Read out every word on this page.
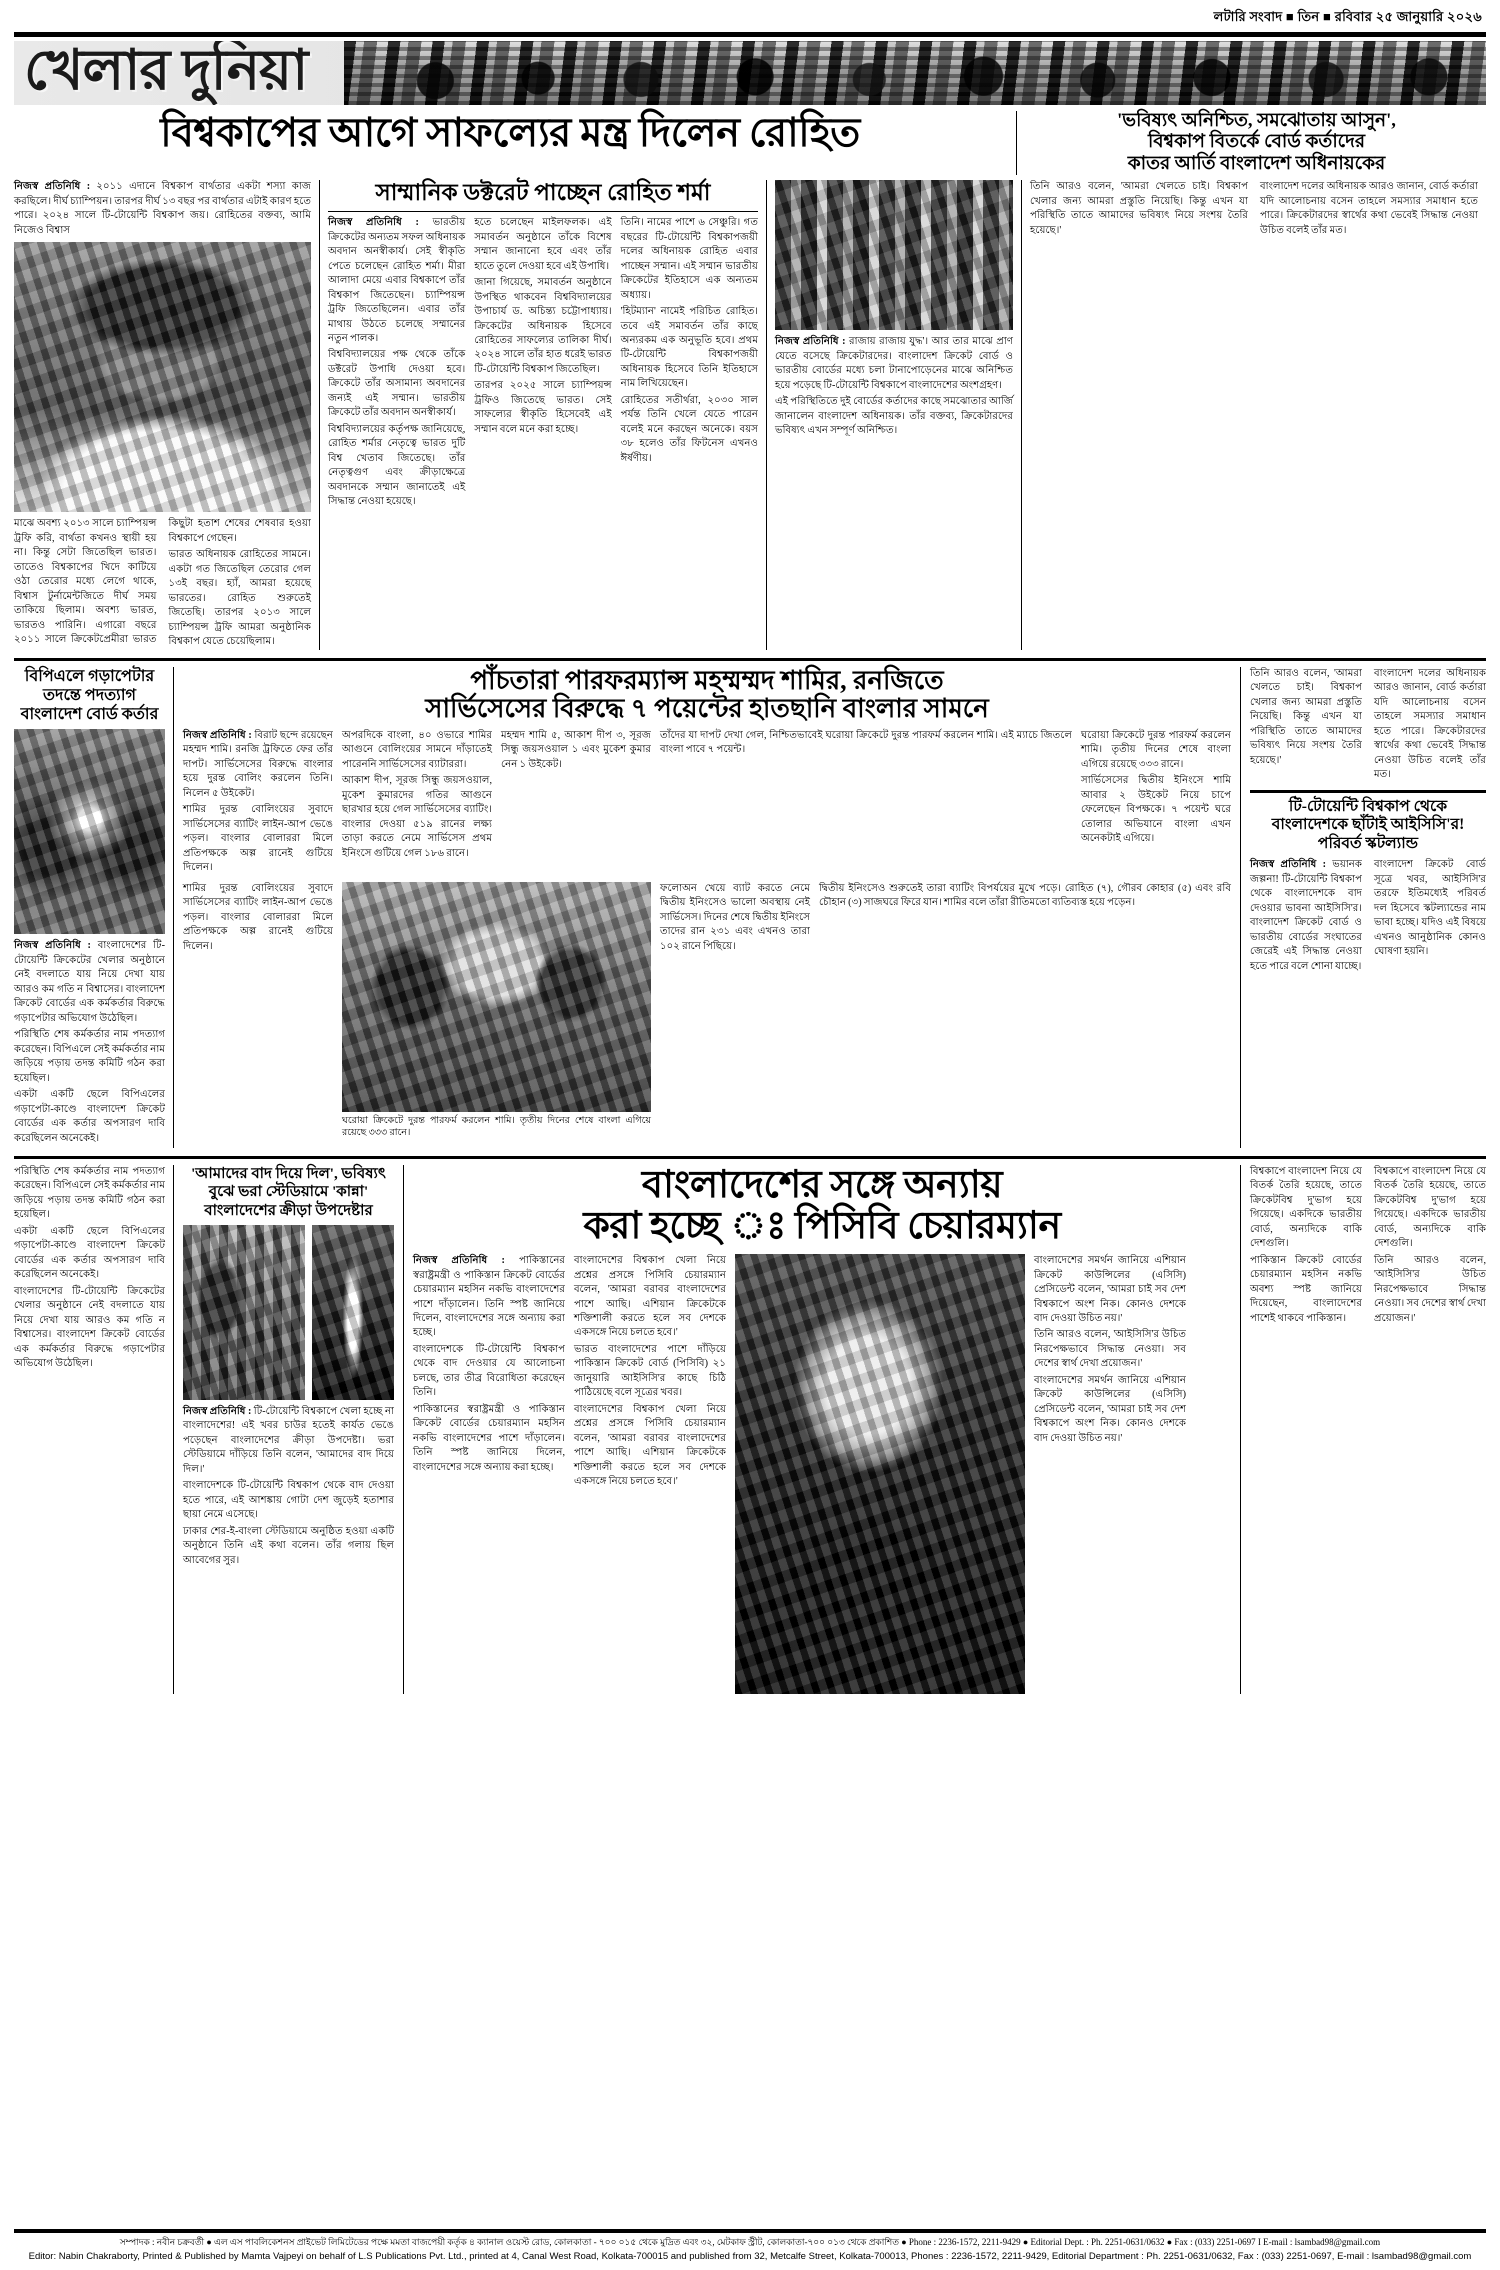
লটারি সংবাদ ■ তিন ■ রবিবার ২৫ জানুয়ারি ২০২৬
খেলার দুনিয়া
বিশ্বকাপের আগে সাফল্যের মন্ত্র দিলেন রোহিত	'ভবিষ্যৎ অনিশ্চিত, সমঝোতায় আসুন',
বিশ্বকাপ বিতর্কে বোর্ড কর্তাদের
কাতর আর্তি বাংলাদেশ অধিনায়কের
নিজস্ব প্রতিনিধি : ২০১১ এদানে বিশ্বকাপ বার্থতার একটা শস্যা কাজ করছিলে। দীর্ঘ চ্যাম্পিয়ন। তারপর দীর্ঘ ১৩ বছর পর বার্থতার এটাই কারণ হতে পারে। ২০২৪ সালে টি-টোয়েন্টি বিশ্বকাপ জয়। রোহিতের বক্তব্য, আমি নিজেও বিশ্বাস

মাঝে অবশ্য ২০১৩ সালে চ্যাম্পিয়ন্স ট্রফি করি, বার্থতা কখনও স্থায়ী হয় না। কিন্তু সেটা জিতেছিল ভারত। তাতেও বিশ্বকাপের খিদে কাটিয়ে ওঠা তেরোর মধ্যে লেগে থাকে, বিশ্বাস টুর্নামেন্টজিতে দীর্ঘ সময় তাকিয়ে ছিলাম। অবশ্য ভারত, ভারতও পারিনি। এগারো বছরে ২০১১ সালে ক্রিকেটপ্রেমীরা ভারত কিছুটা হতাশ শেষের শেষবার হওয়া বিশ্বকাপে গেছেন।

ভারত অধিনায়ক রোহিতের সামনে। একটা গত জিতেছিল তেরোর গেল ১৩ই বছর। হ্যাঁ, আমরা হয়েছে ভারতের। রোহিত শুরুতেই জিতেছি। তারপর ২০১৩ সালে চ্যাম্পিয়ন্স ট্রফি আমরা অনুষ্ঠানিক বিশ্বকাপ যেতে চেয়েছিলাম।

সাম্মানিক ডক্টরেট পাচ্ছেন রোহিত শর্মা

নিজস্ব প্রতিনিধি : ভারতীয় ক্রিকেটের অন্যতম সফল অধিনায়ক অবদান অনস্বীকার্য। সেই স্বীকৃতি পেতে চলেছেন রোহিত শর্মা। মীরা আলাদা মেয়ে এবার বিশ্বকাপে তাঁর বিশ্বকাপ জিতেছেন। চ্যাম্পিয়ন্স ট্রফি জিতেছিলেন। এবার তাঁর মাথায় উঠতে চলেছে সম্মানের নতুন পালক।

বিশ্ববিদ্যালয়ের পক্ষ থেকে তাঁকে ডক্টরেট উপাধি দেওয়া হবে। ক্রিকেটে তাঁর অসামান্য অবদানের জন্যই এই সম্মান। ভারতীয় ক্রিকেটে তাঁর অবদান অনস্বীকার্য।

বিশ্ববিদ্যালয়ের কর্তৃপক্ষ জানিয়েছে, রোহিত শর্মার নেতৃত্বে ভারত দুটি বিশ্ব খেতাব জিতেছে। তাঁর নেতৃত্বগুণ এবং ক্রীড়াক্ষেত্রে অবদানকে সম্মান জানাতেই এই সিদ্ধান্ত নেওয়া হয়েছে।

হতে চলেছেন মাইলফলক। এই সমাবর্তন অনুষ্ঠানে তাঁকে বিশেষ সম্মান জানানো হবে এবং তাঁর হাতে তুলে দেওয়া হবে এই উপাধি।

জানা গিয়েছে, সমাবর্তন অনুষ্ঠানে উপস্থিত থাকবেন বিশ্ববিদ্যালয়ের উপাচার্য ড. অচিন্ত্য চট্টোপাধ্যায়। ক্রিকেটের অধিনায়ক হিসেবে রোহিতের সাফল্যের তালিকা দীর্ঘ। ২০২৪ সালে তাঁর হাত ধরেই ভারত টি-টোয়েন্টি বিশ্বকাপ জিতেছিল।

তারপর ২০২৫ সালে চ্যাম্পিয়ন্স ট্রফিও জিতেছে ভারত। সেই সাফল্যের স্বীকৃতি হিসেবেই এই সম্মান বলে মনে করা হচ্ছে।

তিনি। নামের পাশে ৬ সেঞ্চুরি। গত বছরের টি-টোয়েন্টি বিশ্বকাপজয়ী দলের অধিনায়ক রোহিত এবার পাচ্ছেন সম্মান। এই সম্মান ভারতীয় ক্রিকেটের ইতিহাসে এক অন্যতম অধ্যায়।

'হিটম্যান' নামেই পরিচিত রোহিত। তবে এই সমাবর্তন তাঁর কাছে অন্যরকম এক অনুভূতি হবে। প্রথম টি-টোয়েন্টি বিশ্বকাপজয়ী অধিনায়ক হিসেবে তিনি ইতিহাসে নাম লিখিয়েছেন।

রোহিতের সতীর্থরা, ২০৩০ সাল পর্যন্ত তিনি খেলে যেতে পারেন বলেই মনে করছেন অনেকে। বয়স ৩৮ হলেও তাঁর ফিটনেস এখনও ঈর্ষণীয়।

নিজস্ব প্রতিনিধি : রাজায় রাজায় যুদ্ধ'। আর তার মাঝে প্রাণ যেতে বসেছে ক্রিকেটারদের। বাংলাদেশ ক্রিকেট বোর্ড ও ভারতীয় বোর্ডের মধ্যে চলা টানাপোড়েনের মাঝে অনিশ্চিত হয়ে পড়েছে টি-টোয়েন্টি বিশ্বকাপে বাংলাদেশের অংশগ্রহণ।

এই পরিস্থিতিতে দুই বোর্ডের কর্তাদের কাছে সমঝোতার আর্জি জানালেন বাংলাদেশ অধিনায়ক। তাঁর বক্তব্য, ক্রিকেটারদের ভবিষ্যৎ এখন সম্পূর্ণ অনিশ্চিত।

তিনি আরও বলেন, 'আমরা খেলতে চাই। বিশ্বকাপ খেলার জন্য আমরা প্রস্তুতি নিয়েছি। কিন্তু এখন যা পরিস্থিতি তাতে আমাদের ভবিষ্যৎ নিয়ে সংশয় তৈরি হয়েছে।'

বাংলাদেশ দলের অধিনায়ক আরও জানান, বোর্ড কর্তারা যদি আলোচনায় বসেন তাহলে সমস্যার সমাধান হতে পারে। ক্রিকেটারদের স্বার্থের কথা ভেবেই সিদ্ধান্ত নেওয়া উচিত বলেই তাঁর মত।

বিপিএলে গড়াপেটার তদন্তে পদত্যাগ বাংলাদেশ বোর্ড কর্তার

নিজস্ব প্রতিনিধি : বাংলাদেশের টি-টোয়েন্টি ক্রিকেটের খেলার অনুষ্ঠানে নেই বদলাতে যায় নিয়ে দেখা যায় আরও কম গতি ন বিশ্বাসের। বাংলাদেশ ক্রিকেট বোর্ডের এক কর্মকর্তার বিরুদ্ধে গড়াপেটার অভিযোগ উঠেছিল।

পরিস্থিতি শেষ কর্মকর্তার নাম পদত্যাগ করেছেন। বিপিএলে সেই কর্মকর্তার নাম জড়িয়ে পড়ায় তদন্ত কমিটি গঠন করা হয়েছিল।

একটা একটি ছেলে বিপিএলের গড়াপেটা-কাণ্ডে বাংলাদেশ ক্রিকেট বোর্ডের এক কর্তার অপসারণ দাবি করেছিলেন অনেকেই।

পাঁচতারা পারফরম্যান্স মহম্মম্মদ শামির, রনজিতে
সার্ভিসেসের বিরুদ্ধে ৭ পয়েন্টের হাতছানি বাংলার সামনে

নিজস্ব প্রতিনিধি : বিরাট ছন্দে রয়েছেন মহম্মদ শামি। রনজি ট্রফিতে ফের তাঁর দাপট। সার্ভিসেসের বিরুদ্ধে বাংলার হয়ে দুরন্ত বোলিং করলেন তিনি। নিলেন ৫ উইকেট।

শামির দুরন্ত বোলিংয়ের সুবাদে সার্ভিসেসের ব্যাটিং লাইন-আপ ভেঙে পড়ল। বাংলার বোলাররা মিলে প্রতিপক্ষকে অল্প রানেই গুটিয়ে দিলেন।

অপরদিকে বাংলা, ৪০ ওভারে শামির আগুনে বোলিংয়ের সামনে দাঁড়াতেই পারেননি সার্ভিসেসের ব্যাটাররা।

আকাশ দীপ, সূরজ সিন্ধু জয়সওয়াল, মুকেশ কুমারদের গতির আগুনে ছারখার হয়ে গেল সার্ভিসেসের ব্যাটিং। বাংলার দেওয়া ৫১৯ রানের লক্ষ্য তাড়া করতে নেমে সার্ভিসেস প্রথম ইনিংসে গুটিয়ে গেল ১৮৬ রানে।

মহম্মদ শামি ৫, আকাশ দীপ ৩, সূরজ সিন্ধু জয়সওয়াল ১ এবং মুকেশ কুমার নেন ১ উইকেট।

তাঁদের যা দাপট দেখা গেল, নিশ্চিতভাবেই ঘরোয়া ক্রিকেটে দুরন্ত পারফর্ম করলেন শামি। এই ম্যাচে জিতলে বাংলা পাবে ৭ পয়েন্ট।

ঘরোয়া ক্রিকেটে দুরন্ত পারফর্ম করলেন শামি। তৃতীয় দিনের শেষে বাংলা এগিয়ে রয়েছে ৩৩৩ রানে।

সার্ভিসেসের দ্বিতীয় ইনিংসে শামি আবার ২ উইকেট নিয়ে চাপে ফেলেছেন বিপক্ষকে। ৭ পয়েন্ট ঘরে তোলার অভিযানে বাংলা এখন অনেকটাই এগিয়ে।

শামির দুরন্ত বোলিংয়ের সুবাদে সার্ভিসেসের ব্যাটিং লাইন-আপ ভেঙে পড়ল। বাংলার বোলাররা মিলে প্রতিপক্ষকে অল্প রানেই গুটিয়ে দিলেন।

ঘরোয়া ক্রিকেটে দুরন্ত পারফর্ম করলেন শামি। তৃতীয় দিনের শেষে বাংলা এগিয়ে রয়েছে ৩৩৩ রানে।

ফলোঅন খেয়ে ব্যাট করতে নেমে দ্বিতীয় ইনিংসেও ভালো অবস্থায় নেই সার্ভিসেস। দিনের শেষে দ্বিতীয় ইনিংসে তাদের রান ২৩১ এবং এখনও তারা ১০২ রানে পিছিয়ে।

দ্বিতীয় ইনিংসেও শুরুতেই তারা ব্যাটিং বিপর্যয়ের মুখে পড়ে। রোহিত (৭), গৌরব কোহার (৫) এবং রবি চৌহান (৩) সাজঘরে ফিরে যান। শামির বলে তাঁরা রীতিমতো ব্যতিব্যস্ত হয়ে পড়েন।

তিনি আরও বলেন, 'আমরা খেলতে চাই। বিশ্বকাপ খেলার জন্য আমরা প্রস্তুতি নিয়েছি। কিন্তু এখন যা পরিস্থিতি তাতে আমাদের ভবিষ্যৎ নিয়ে সংশয় তৈরি হয়েছে।'

বাংলাদেশ দলের অধিনায়ক আরও জানান, বোর্ড কর্তারা যদি আলোচনায় বসেন তাহলে সমস্যার সমাধান হতে পারে। ক্রিকেটারদের স্বার্থের কথা ভেবেই সিদ্ধান্ত নেওয়া উচিত বলেই তাঁর মত।

টি-টোয়েন্টি বিশ্বকাপ থেকে বাংলাদেশকে ছাঁটাই আইসিসি'র! পরিবর্ত স্কটল্যান্ড

নিজস্ব প্রতিনিধি : ভয়ানক জল্পনা! টি-টোয়েন্টি বিশ্বকাপ থেকে বাংলাদেশকে বাদ দেওয়ার ভাবনা আইসিসি'র। বাংলাদেশ ক্রিকেট বোর্ড ও ভারতীয় বোর্ডের সংঘাতের জেরেই এই সিদ্ধান্ত নেওয়া হতে পারে বলে শোনা যাচ্ছে।

বাংলাদেশ ক্রিকেট বোর্ড সূত্রে খবর, আইসিসি'র তরফে ইতিমধ্যেই পরিবর্ত দল হিসেবে স্কটল্যান্ডের নাম ভাবা হচ্ছে। যদিও এই বিষয়ে এখনও আনুষ্ঠানিক কোনও ঘোষণা হয়নি।

পরিস্থিতি শেষ কর্মকর্তার নাম পদত্যাগ করেছেন। বিপিএলে সেই কর্মকর্তার নাম জড়িয়ে পড়ায় তদন্ত কমিটি গঠন করা হয়েছিল।

একটা একটি ছেলে বিপিএলের গড়াপেটা-কাণ্ডে বাংলাদেশ ক্রিকেট বোর্ডের এক কর্তার অপসারণ দাবি করেছিলেন অনেকেই।

বাংলাদেশের টি-টোয়েন্টি ক্রিকেটের খেলার অনুষ্ঠানে নেই বদলাতে যায় নিয়ে দেখা যায় আরও কম গতি ন বিশ্বাসের। বাংলাদেশ ক্রিকেট বোর্ডের এক কর্মকর্তার বিরুদ্ধে গড়াপেটার অভিযোগ উঠেছিল।

'আমাদের বাদ দিয়ে দিল', ভবিষ্যৎ
বুঝে ভরা স্টেডিয়ামে 'কান্না'
বাংলাদেশের ক্রীড়া উপদেষ্টার

নিজস্ব প্রতিনিধি : টি-টোয়েন্টি বিশ্বকাপে খেলা হচ্ছে না বাংলাদেশের! এই খবর চাউর হতেই কার্যত ভেঙে পড়েছেন বাংলাদেশের ক্রীড়া উপদেষ্টা। ভরা স্টেডিয়ামে দাঁড়িয়ে তিনি বলেন, 'আমাদের বাদ দিয়ে দিল।'

বাংলাদেশকে টি-টোয়েন্টি বিশ্বকাপ থেকে বাদ দেওয়া হতে পারে, এই আশঙ্কায় গোটা দেশ জুড়েই হতাশার ছায়া নেমে এসেছে।

ঢাকার শের-ই-বাংলা স্টেডিয়ামে অনুষ্ঠিত হওয়া একটি অনুষ্ঠানে তিনি এই কথা বলেন। তাঁর গলায় ছিল আবেগের সুর।

বাংলাদেশের সঙ্গে অন্যায়
করা হচ্ছে ঃ পিসিবি চেয়ারম্যান

নিজস্ব প্রতিনিধি : পাকিস্তানের স্বরাষ্ট্রমন্ত্রী ও পাকিস্তান ক্রিকেট বোর্ডের চেয়ারম্যান মহসিন নকভি বাংলাদেশের পাশে দাঁড়ালেন। তিনি স্পষ্ট জানিয়ে দিলেন, বাংলাদেশের সঙ্গে অন্যায় করা হচ্ছে।

বাংলাদেশকে টি-টোয়েন্টি বিশ্বকাপ থেকে বাদ দেওয়ার যে আলোচনা চলছে, তার তীব্র বিরোধিতা করেছেন তিনি।

পাকিস্তানের স্বরাষ্ট্রমন্ত্রী ও পাকিস্তান ক্রিকেট বোর্ডের চেয়ারম্যান মহসিন নকভি বাংলাদেশের পাশে দাঁড়ালেন। তিনি স্পষ্ট জানিয়ে দিলেন, বাংলাদেশের সঙ্গে অন্যায় করা হচ্ছে।

বাংলাদেশের বিশ্বকাপ খেলা নিয়ে প্রশ্নের প্রসঙ্গে পিসিবি চেয়ারম্যান বলেন, 'আমরা বরাবর বাংলাদেশের পাশে আছি। এশিয়ান ক্রিকেটকে শক্তিশালী করতে হলে সব দেশকে একসঙ্গে নিয়ে চলতে হবে।'

ভারত বাংলাদেশের পাশে দাঁড়িয়ে পাকিস্তান ক্রিকেট বোর্ড (পিসিবি) ২১ জানুয়ারি আইসিসি'র কাছে চিঠি পাঠিয়েছে বলে সূত্রের খবর।

বাংলাদেশের বিশ্বকাপ খেলা নিয়ে প্রশ্নের প্রসঙ্গে পিসিবি চেয়ারম্যান বলেন, 'আমরা বরাবর বাংলাদেশের পাশে আছি। এশিয়ান ক্রিকেটকে শক্তিশালী করতে হলে সব দেশকে একসঙ্গে নিয়ে চলতে হবে।'

বাংলাদেশের সমর্থন জানিয়ে এশিয়ান ক্রিকেট কাউন্সিলের (এসিসি) প্রেসিডেন্ট বলেন, 'আমরা চাই সব দেশ বিশ্বকাপে অংশ নিক। কোনও দেশকে বাদ দেওয়া উচিত নয়।'

তিনি আরও বলেন, 'আইসিসি'র উচিত নিরপেক্ষভাবে সিদ্ধান্ত নেওয়া। সব দেশের স্বার্থ দেখা প্রয়োজন।'

বাংলাদেশের সমর্থন জানিয়ে এশিয়ান ক্রিকেট কাউন্সিলের (এসিসি) প্রেসিডেন্ট বলেন, 'আমরা চাই সব দেশ বিশ্বকাপে অংশ নিক। কোনও দেশকে বাদ দেওয়া উচিত নয়।'

বিশ্বকাপে বাংলাদেশ নিয়ে যে বিতর্ক তৈরি হয়েছে, তাতে ক্রিকেটবিশ্ব দু'ভাগ হয়ে গিয়েছে। একদিকে ভারতীয় বোর্ড, অন্যদিকে বাকি দেশগুলি।

পাকিস্তান ক্রিকেট বোর্ডের চেয়ারম্যান মহসিন নকভি অবশ্য স্পষ্ট জানিয়ে দিয়েছেন, বাংলাদেশের পাশেই থাকবে পাকিস্তান।

বিশ্বকাপে বাংলাদেশ নিয়ে যে বিতর্ক তৈরি হয়েছে, তাতে ক্রিকেটবিশ্ব দু'ভাগ হয়ে গিয়েছে। একদিকে ভারতীয় বোর্ড, অন্যদিকে বাকি দেশগুলি।

তিনি আরও বলেন, 'আইসিসি'র উচিত নিরপেক্ষভাবে সিদ্ধান্ত নেওয়া। সব দেশের স্বার্থ দেখা প্রয়োজন।'

সম্পাদক : নবীন চক্রবর্তী ● এল এস পাবলিকেশনস প্রাইভেট লিমিটেডের পক্ষে মমতা বাজপেয়ী কর্তৃক ৪ ক্যানাল ওয়েস্ট রোড, কোলকাতা - ৭০০ ০১৫ থেকে মুদ্রিত এবং ৩২, মেটকাফ স্ট্রীট, কোলকাতা-৭০০ ০১৩ থেকে প্রকাশিত ● Phone : 2236-1572, 2211-9429 ● Editorial Dept. : Ph. 2251-0631/0632 ● Fax : (033) 2251-0697 I E-mail : lsambad98@gmail.com
Editor: Nabin Chakraborty, Printed & Published by Mamta Vajpeyi on behalf of L.S Publications Pvt. Ltd., printed at 4, Canal West Road, Kolkata-700015 and published from 32, Metcalfe Street, Kolkata-700013, Phones : 2236-1572, 2211-9429, Editorial Department : Ph. 2251-0631/0632, Fax : (033) 2251-0697, E-mail : lsambad98@gmail.com
